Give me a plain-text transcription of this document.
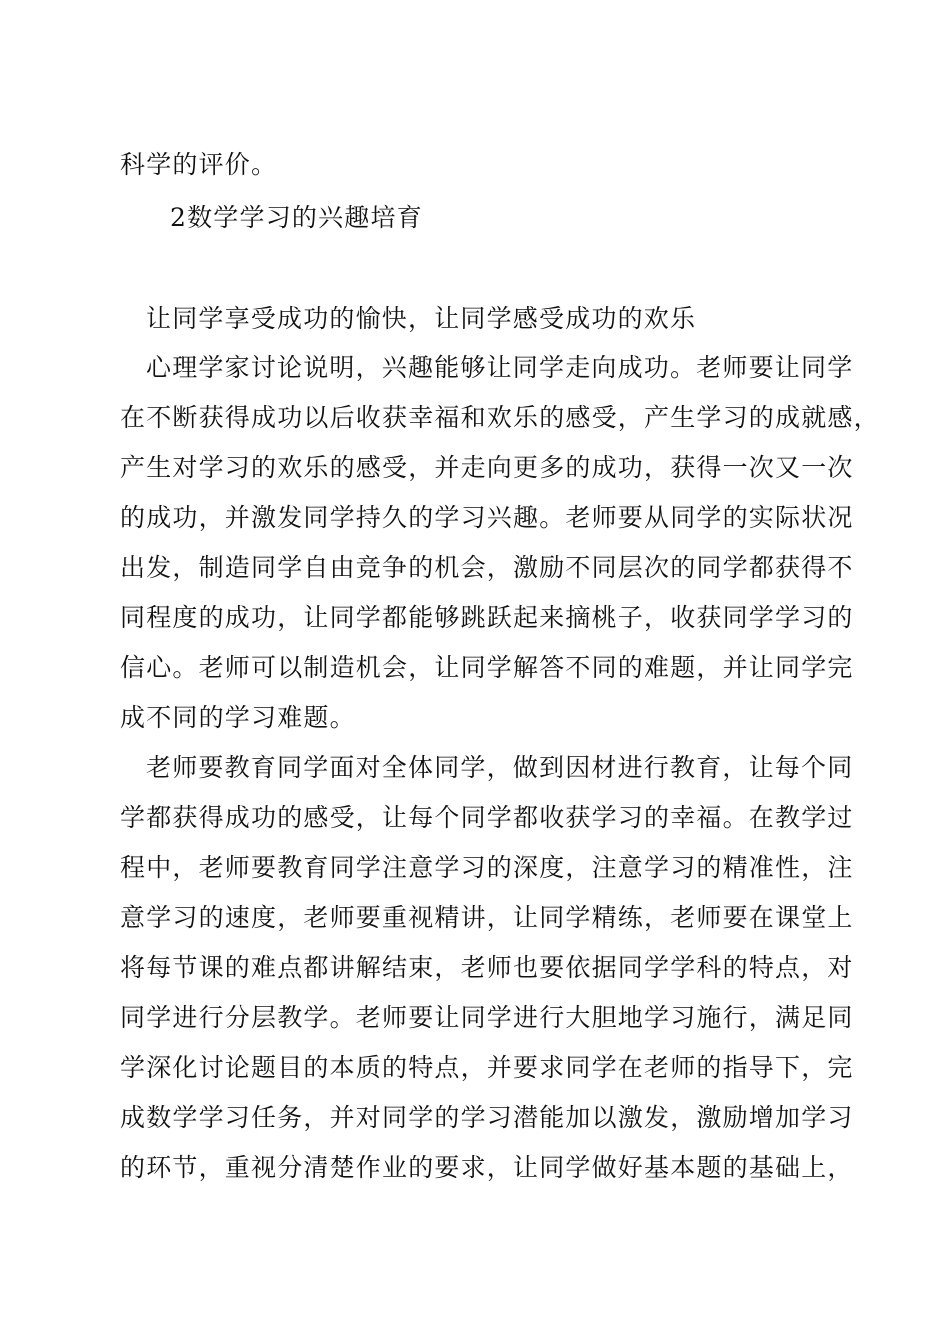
科学的评价。
2数学学习的兴趣培育
让同学享受成功的愉快，让同学感受成功的欢乐
心理学家讨论说明，兴趣能够让同学走向成功。老师要让同学
在不断获得成功以后收获幸福和欢乐的感受，产生学习的成就感，
产生对学习的欢乐的感受，并走向更多的成功，获得一次又一次
的成功，并激发同学持久的学习兴趣。老师要从同学的实际状况
出发，制造同学自由竞争的机会，激励不同层次的同学都获得不
同程度的成功，让同学都能够跳跃起来摘桃子，收获同学学习的
信心。老师可以制造机会，让同学解答不同的难题，并让同学完
成不同的学习难题。
老师要教育同学面对全体同学，做到因材进行教育，让每个同
学都获得成功的感受，让每个同学都收获学习的幸福。在教学过
程中，老师要教育同学注意学习的深度，注意学习的精准性，注
意学习的速度，老师要重视精讲，让同学精练，老师要在课堂上
将每节课的难点都讲解结束，老师也要依据同学学科的特点，对
同学进行分层教学。老师要让同学进行大胆地学习施行，满足同
学深化讨论题目的本质的特点，并要求同学在老师的指导下，完
成数学学习任务，并对同学的学习潜能加以激发，激励增加学习
的环节，重视分清楚作业的要求，让同学做好基本题的基础上，
